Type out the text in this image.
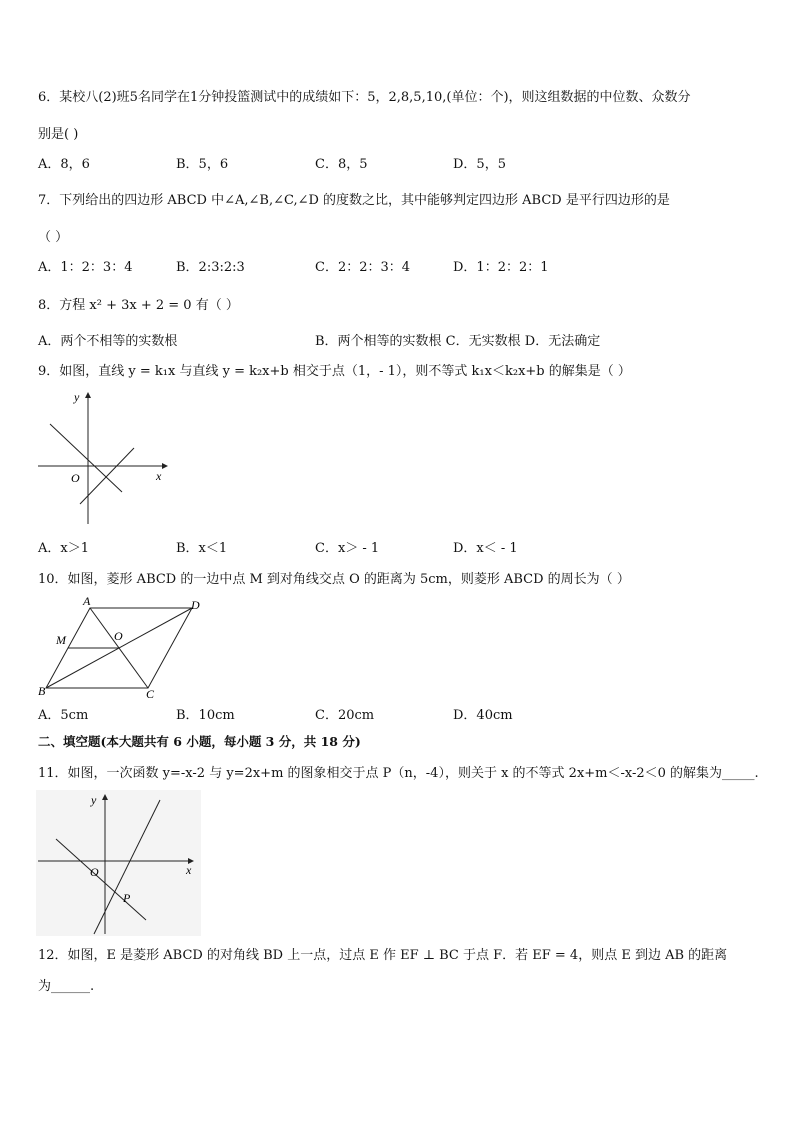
6．某校八(2)班5名同学在1分钟投篮测试中的成绩如下：5，2,8,5,10,(单位：个)，则这组数据的中位数、众数分
别是( )
A．8，6	B．5，6	C．8，5	D．5，5
7．下列给出的四边形 ABCD 中∠A,∠B,∠C,∠D 的度数之比，其中能够判定四边形 ABCD 是平行四边形的是
（ ）
A．1：2：3：4	B．2:3:2:3	C．2：2：3：4	D．1：2：2：1
8．方程 x² + 3x + 2 = 0 有（ ）
A．两个不相等的实数根	B．两个相等的实数根 C．无实数根 D．无法确定
9．如图，直线 y = k₁x 与直线 y = k₂x+b 相交于点（1，- 1），则不等式 k₁x＜k₂x+b 的解集是（ ）
y
x
O
A．x＞1	B．x＜1	C．x＞ - 1	D．x＜ - 1
10．如图，菱形 ABCD 的一边中点 M 到对角线交点 O 的距离为 5cm，则菱形 ABCD 的周长为（ ）
A	D
B	C
M	O
A．5cm	B．10cm	C．20cm	D．40cm
二、填空题(本大题共有 6 小题，每小题 3 分，共 18 分)
11．如图，一次函数 y=-x-2 与 y=2x+m 的图象相交于点 P（n，-4），则关于 x 的不等式 2x+m＜-x-2＜0 的解集为_____.
y
x
O
P
12．如图，E 是菱形 ABCD 的对角线 BD 上一点，过点 E 作 EF ⊥ BC 于点 F．若 EF = 4，则点 E 到边 AB 的距离
为______.
